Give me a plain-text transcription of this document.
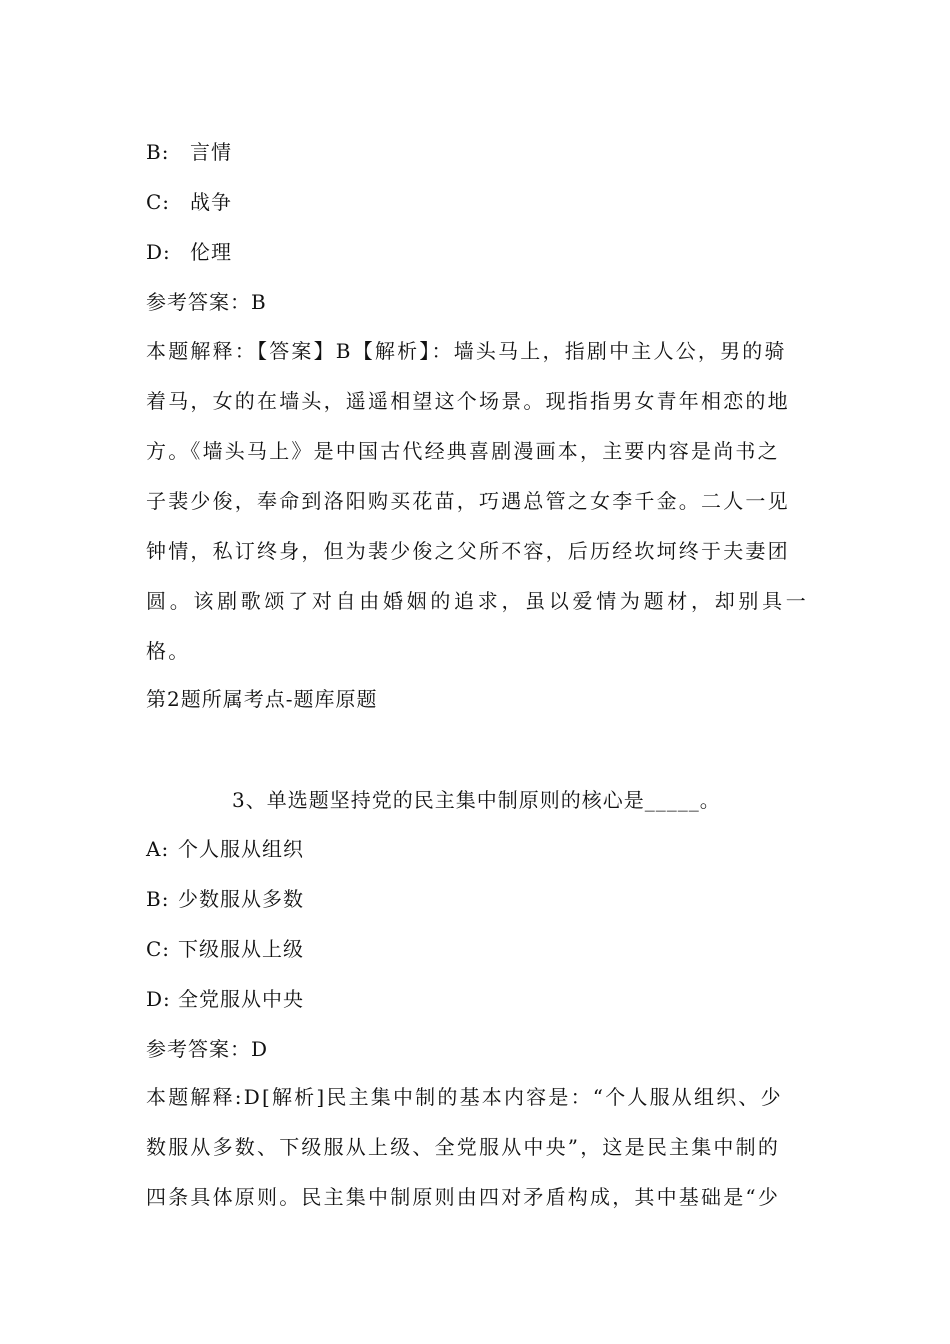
B: 言情
C: 战争
D: 伦理
参考答案：B
本题解释：【答案】B【解析】：墙头马上，指剧中主人公，男的骑
着马，女的在墙头，遥遥相望这个场景。现指指男女青年相恋的地
方。《墙头马上》是中国古代经典喜剧漫画本，主要内容是尚书之
子裴少俊，奉命到洛阳购买花苗，巧遇总管之女李千金。二人一见
钟情，私订终身，但为裴少俊之父所不容，后历经坎坷终于夫妻团
圆。该剧歌颂了对自由婚姻的追求，虽以爱情为题材，却别具一格。
第2题所属考点-题库原题
3、单选题坚持党的民主集中制原则的核心是_____。
A: 个人服从组织
B: 少数服从多数
C: 下级服从上级
D: 全党服从中央
参考答案：D
本题解释:D[解析]民主集中制的基本内容是：“个人服从组织、少
数服从多数、下级服从上级、全党服从中央”，这是民主集中制的
四条具体原则。民主集中制原则由四对矛盾构成，其中基础是“少
